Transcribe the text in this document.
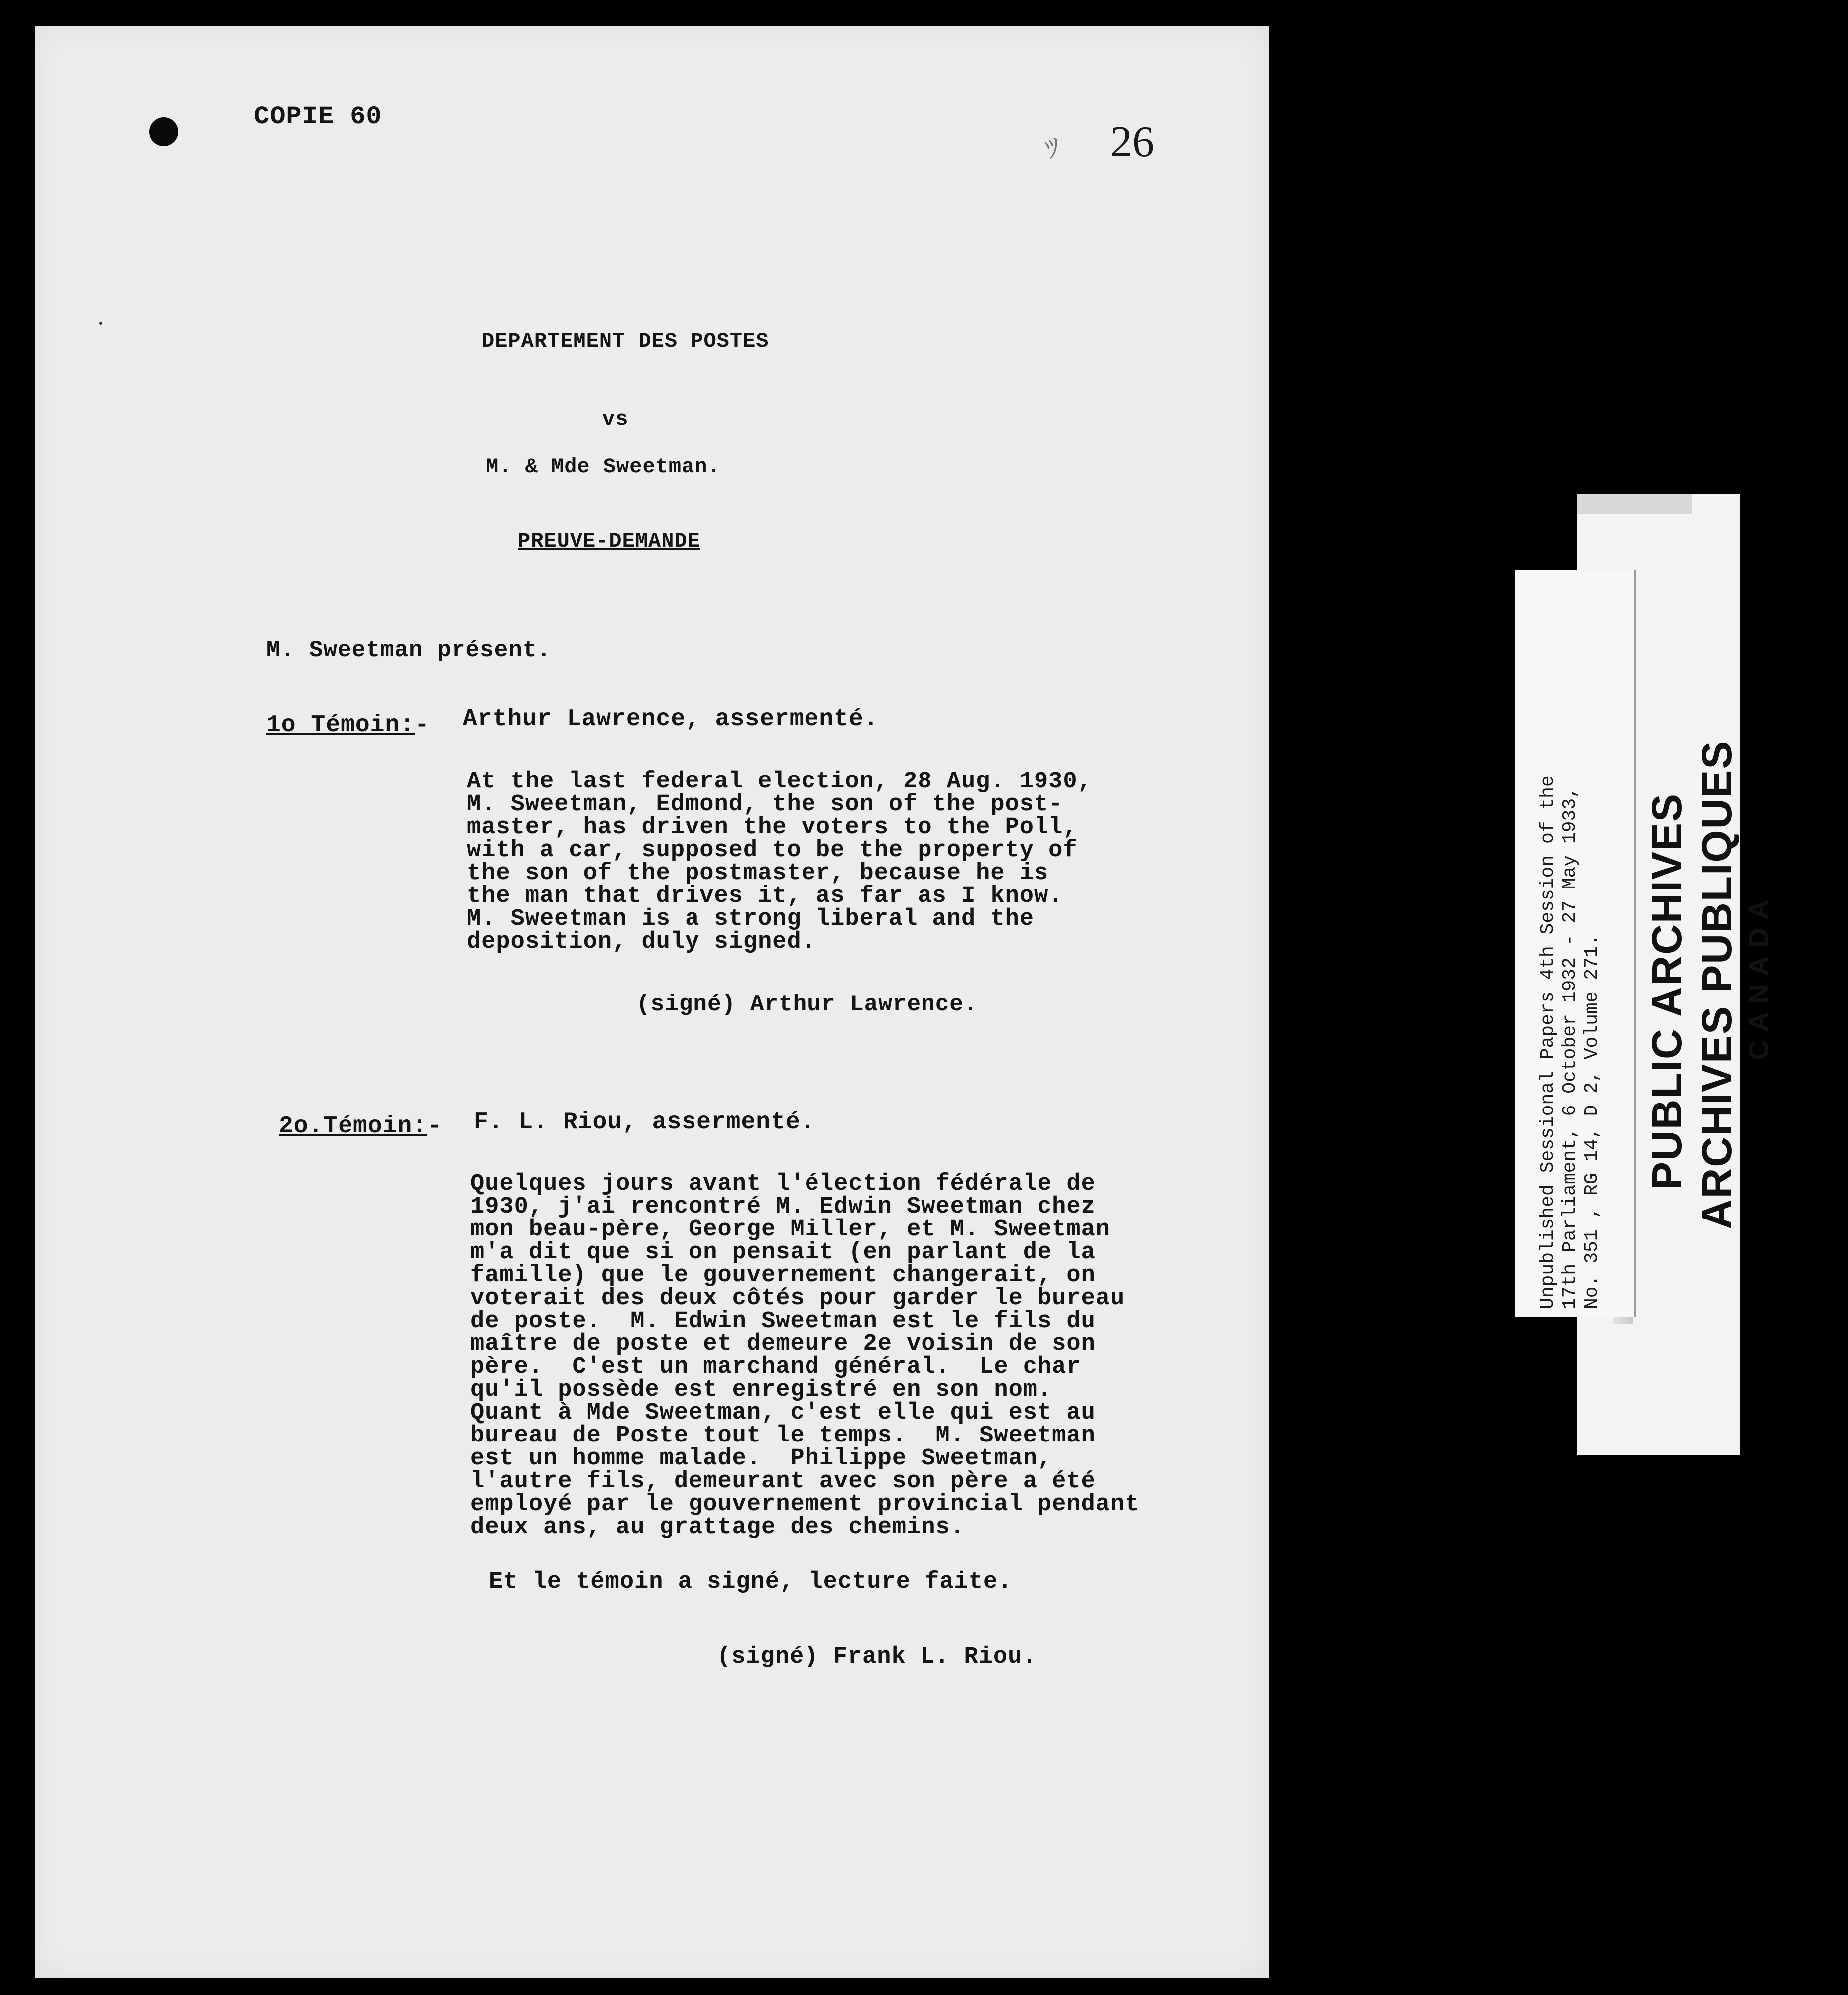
COPIE 60
ﾂ 26
DEPARTEMENT DES POSTES
vs
M. & Mde Sweetman.
PREUVE-DEMANDE
M. Sweetman présent.
1o Témoin:- Arthur Lawrence, assermenté.

At the last federal election, 28 Aug. 1930,
M. Sweetman, Edmond, the son of the post-
master, has driven the voters to the Poll,
with a car, supposed to be the property of
the son of the postmaster, because he is
the man that drives it, as far as I know.
M. Sweetman is a strong liberal and the
deposition, duly signed.

(signé) Arthur Lawrence.
2o.Témoin:- F. L. Riou, assermenté.

Quelques jours avant l'élection fédérale de
1930, j'ai rencontré M. Edwin Sweetman chez
mon beau-père, George Miller, et M. Sweetman
m'a dit que si on pensait (en parlant de la
famille) que le gouvernement changerait, on
voterait des deux côtés pour garder le bureau
de poste.  M. Edwin Sweetman est le fils du
maître de poste et demeure 2e voisin de son
père.  C'est un marchand général.  Le char
qu'il possède est enregistré en son nom.
Quant à Mde Sweetman, c'est elle qui est au
bureau de Poste tout le temps.  M. Sweetman
est un homme malade.  Philippe Sweetman,
l'autre fils, demeurant avec son père a été
employé par le gouvernement provincial pendant
deux ans, au grattage des chemins.

Et le témoin a signé, lecture faite.
(signé) Frank L. Riou.
Unpublished Sessional Papers 4th Session of the 17th Parliament, 6 October 1932 - 27 May 1933, No. 351 , RG 14, D 2, Volume 271. PUBLIC ARCHIVES ARCHIVES PUBLIQUES CANADA
